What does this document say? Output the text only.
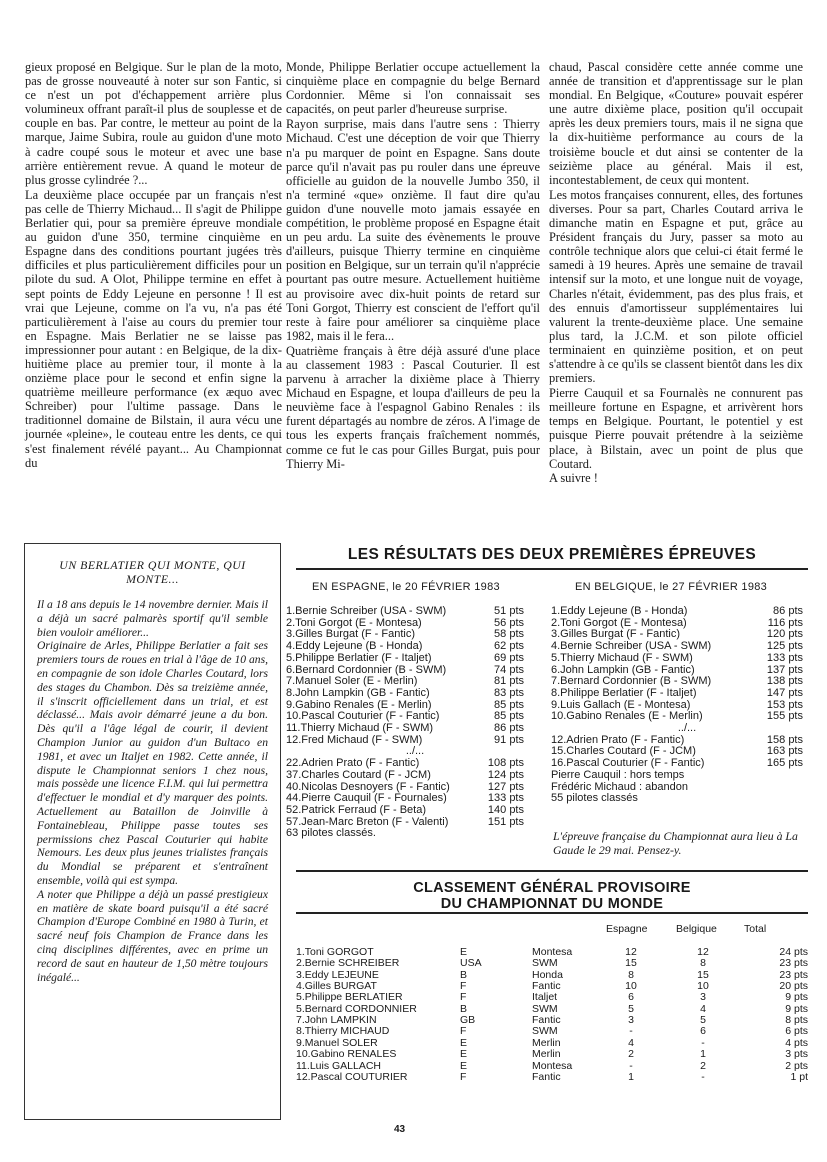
gieux proposé en Belgique. Sur le plan de la moto, pas de grosse nouveauté à noter sur son Fantic, si ce n'est un pot d'échappement arrière plus volumineux offrant paraît-il plus de souplesse et de couple en bas. Par contre, le metteur au point de la marque, Jaime Subira, roule au guidon d'une moto à cadre coupé sous le moteur et avec une base arrière entièrement revue. A quand le moteur de plus grosse cylindrée ?...

La deuxième place occupée par un français n'est pas celle de Thierry Michaud... Il s'agit de Philippe Berlatier qui, pour sa première épreuve mondiale au guidon d'une 350, termine cinquième en Espagne dans des conditions pourtant jugées très difficiles et plus particulièrement difficiles pour un pilote du sud. A Olot, Philippe termine en effet à sept points de Eddy Lejeune en personne ! Il est vrai que Lejeune, comme on l'a vu, n'a pas été particulièrement à l'aise au cours du premier tour en Espagne. Mais Berlatier ne se laisse pas impressionner pour autant : en Belgique, de la dix-huitième place au premier tour, il monte à la onzième place pour le second et enfin signe la quatrième meilleure performance (ex æquo avec Schreiber) pour l'ultime passage. Dans le traditionnel domaine de Bilstain, il aura vécu une journée «pleine», le couteau entre les dents, ce qui s'est finalement révélé payant... Au Championnat du

Monde, Philippe Berlatier occupe actuellement la cinquième place en compagnie du belge Bernard Cordonnier. Même si l'on connaissait ses capacités, on peut parler d'heureuse surprise.

Rayon surprise, mais dans l'autre sens : Thierry Michaud. C'est une déception de voir que Thierry n'a pu marquer de point en Espagne. Sans doute parce qu'il n'avait pas pu rouler dans une épreuve officielle au guidon de la nouvelle Jumbo 350, il n'a terminé «que» onzième. Il faut dire qu'au guidon d'une nouvelle moto jamais essayée en compétition, le problème proposé en Espagne était un peu ardu. La suite des évènements le prouve d'ailleurs, puisque Thierry termine en cinquième position en Belgique, sur un terrain qu'il n'apprécie pourtant pas outre mesure. Actuellement huitième au provisoire avec dix-huit points de retard sur Toni Gorgot, Thierry est conscient de l'effort qu'il reste à faire pour améliorer sa cinquième place 1982, mais il le fera...

Quatrième français à être déjà assuré d'une place au classement 1983 : Pascal Couturier. Il est parvenu à arracher la dixième place à Thierry Michaud en Espagne, et loupa d'ailleurs de peu la neuvième face à l'espagnol Gabino Renales : ils furent départagés au nombre de zéros. A l'image de tous les experts français fraîchement nommés, comme ce fut le cas pour Gilles Burgat, puis pour Thierry Mi-

chaud, Pascal considère cette année comme une année de transition et d'apprentissage sur le plan mondial. En Belgique, «Couture» pouvait espérer une autre dixième place, position qu'il occupait après les deux premiers tours, mais il ne signa que la dix-huitième performance au cours de la troisième boucle et dut ainsi se contenter de la seizième place au général. Mais il est, incontestablement, de ceux qui montent.

Les motos françaises connurent, elles, des fortunes diverses. Pour sa part, Charles Coutard arriva le dimanche matin en Espagne et put, grâce au Président français du Jury, passer sa moto au contrôle technique alors que celui-ci était fermé le samedi à 19 heures. Après une semaine de travail intensif sur la moto, et une longue nuit de voyage, Charles n'était, évidemment, pas des plus frais, et des ennuis d'amortisseur supplémentaires lui valurent la trente-deuxième place. Une semaine plus tard, la J.C.M. et son pilote officiel terminaient en quinzième position, et on peut s'attendre à ce qu'ils se classent bientôt dans les dix premiers.

Pierre Cauquil et sa Fournalès ne connurent pas meilleure fortune en Espagne, et arrivèrent hors temps en Belgique. Pourtant, le potentiel y est puisque Pierre pouvait prétendre à la seizième place, à Bilstain, avec un point de plus que Coutard.

A suivre !

UN BERLATIER QUI MONTE, QUI MONTE...

Il a 18 ans depuis le 14 novembre dernier. Mais il a déjà un sacré palmarès sportif qu'il semble bien vouloir améliorer...

Originaire de Arles, Philippe Berlatier a fait ses premiers tours de roues en trial à l'âge de 10 ans, en compagnie de son idole Charles Coutard, lors des stages du Chambon. Dès sa treizième année, il s'inscrit officiellement dans un trial, et est déclassé... Mais avoir démarré jeune a du bon. Dès qu'il a l'âge légal de courir, il devient Champion Junior au guidon d'un Bultaco en 1981, et avec un Italjet en 1982. Cette année, il dispute le Championnat seniors 1 chez nous, mais possède une licence F.I.M. qui lui permettra d'effectuer le mondial et d'y marquer des points. Actuellement au Bataillon de Joinville à Fontainebleau, Philippe passe toutes ses permissions chez Pascal Couturier qui habite Nemours. Les deux plus jeunes trialistes français du Mondial se préparent et s'entraînent ensemble, voilà qui est sympa.

A noter que Philippe a déjà un passé prestigieux en matière de skate board puisqu'il a été sacré Champion d'Europe Combiné en 1980 à Turin, et sacré neuf fois Champion de France dans les cinq disciplines différentes, avec en prime un record de saut en hauteur de 1,50 mètre toujours inégalé...

LES RÉSULTATS DES DEUX PREMIÈRES ÉPREUVES
EN ESPAGNE, le 20 FÉVRIER 1983	EN BELGIQUE, le 27 FÉVRIER 1983
1.Bernie Schreiber (USA - SWM)	51 pts
2.Toni Gorgot (E - Montesa)	56 pts
3.Gilles Burgat (F - Fantic)	58 pts
4.Eddy Lejeune (B - Honda)	62 pts
5.Philippe Berlatier (F - Italjet)	69 pts
6.Bernard Cordonnier (B - SWM)	74 pts
7.Manuel Soler (E - Merlin)	81 pts
8.John Lampkin (GB - Fantic)	83 pts
9.Gabino Renales (E - Merlin)	85 pts
10.Pascal Couturier (F - Fantic)	85 pts
11.Thierry Michaud (F - SWM)	86 pts
12.Fred Michaud (F - SWM)	91 pts
../...
22.Adrien Prato (F - Fantic)	108 pts
37.Charles Coutard (F - JCM)	124 pts
40.Nicolas Desnoyers (F - Fantic)	127 pts
44.Pierre Cauquil (F - Fournales)	133 pts
52.Patrick Ferraud (F - Beta)	140 pts
57.Jean-Marc Breton (F - Valenti)	151 pts
63 pilotes classés.
1.Eddy Lejeune (B - Honda)	86 pts
2.Toni Gorgot (E - Montesa)	116 pts
3.Gilles Burgat (F - Fantic)	120 pts
4.Bernie Schreiber (USA - SWM)	125 pts
5.Thierry Michaud (F - SWM)	133 pts
6.John Lampkin (GB - Fantic)	137 pts
7.Bernard Cordonnier (B - SWM)	138 pts
8.Philippe Berlatier (F - Italjet)	147 pts
9.Luis Gallach (E - Montesa)	153 pts
10.Gabino Renales (E - Merlin)	155 pts
../...
12.Adrien Prato (F - Fantic)	158 pts
15.Charles Coutard (F - JCM)	163 pts
16.Pascal Couturier (F - Fantic)	165 pts
Pierre Cauquil : hors temps
Frédéric Michaud : abandon
55 pilotes classés
L'épreuve française du Championnat aura lieu à La Gaude le 29 mai. Pensez-y.
CLASSEMENT GÉNÉRAL PROVISOIRE
DU CHAMPIONNAT DU MONDE
Espagne	Belgique	Total
1.Toni GORGOT	E	Montesa	12	12	24 pts
2.Bernie SCHREIBER	USA	SWM	15	8	23 pts
3.Eddy LEJEUNE	B	Honda	8	15	23 pts
4.Gilles BURGAT	F	Fantic	10	10	20 pts
5.Philippe BERLATIER	F	Italjet	6	3	9 pts
5.Bernard CORDONNIER	B	SWM	5	4	9 pts
7.John LAMPKIN	GB	Fantic	3	5	8 pts
8.Thierry MICHAUD	F	SWM	-	6	6 pts
9.Manuel SOLER	E	Merlin	4	-	4 pts
10.Gabino RENALES	E	Merlin	2	1	3 pts
11.Luis GALLACH	E	Montesa	-	2	2 pts
12.Pascal COUTURIER	F	Fantic	1	-	1 pt
43
